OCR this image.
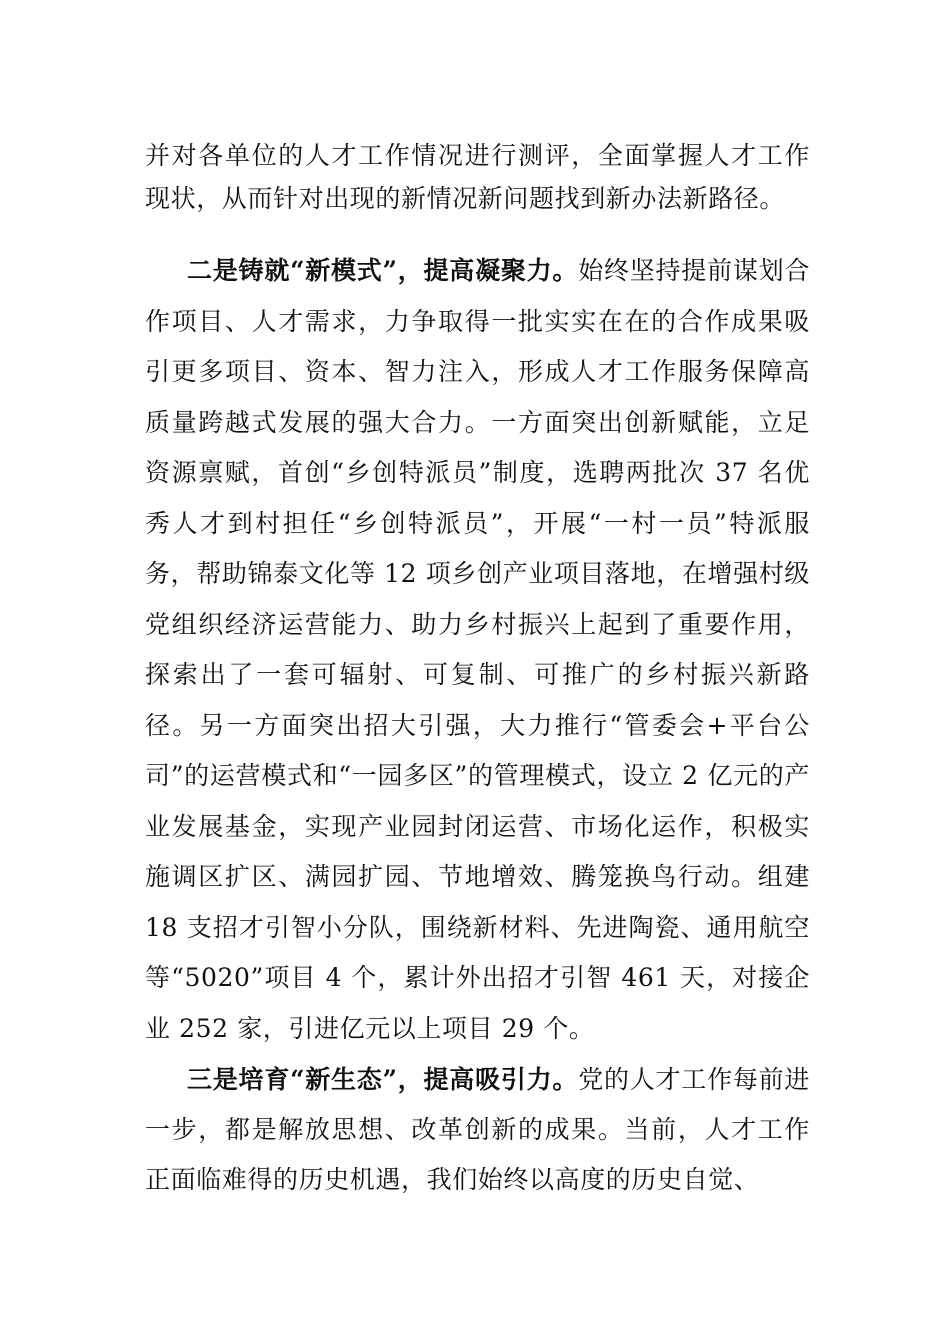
并对各单位的人才工作情况进行测评，全面掌握人才工作现状，从而针对出现的新情况新问题找到新办法新路径。

二是铸就“新模式”，提高凝聚力。始终坚持提前谋划合作项目、人才需求，力争取得一批实实在在的合作成果吸引更多项目、资本、智力注入，形成人才工作服务保障高质量跨越式发展的强大合力。一方面突出创新赋能，立足资源禀赋，首创“乡创特派员”制度，选聘两批次 37 名优秀人才到村担任“乡创特派员”，开展“一村一员”特派服务，帮助锦泰文化等 12 项乡创产业项目落地，在增强村级党组织经济运营能力、助力乡村振兴上起到了重要作用，探索出了一套可辐射、可复制、可推广的乡村振兴新路径。另一方面突出招大引强，大力推行“管委会+平台公司”的运营模式和“一园多区”的管理模式，设立 2 亿元的产业发展基金，实现产业园封闭运营、市场化运作，积极实施调区扩区、满园扩园、节地增效、腾笼换鸟行动。组建 18 支招才引智小分队，围绕新材料、先进陶瓷、通用航空等“5020”项目 4 个，累计外出招才引智 461 天，对接企业 252 家，引进亿元以上项目 29 个。

三是培育“新生态”，提高吸引力。党的人才工作每前进一步，都是解放思想、改革创新的成果。当前，人才工作正面临难得的历史机遇，我们始终以高度的历史自觉、
